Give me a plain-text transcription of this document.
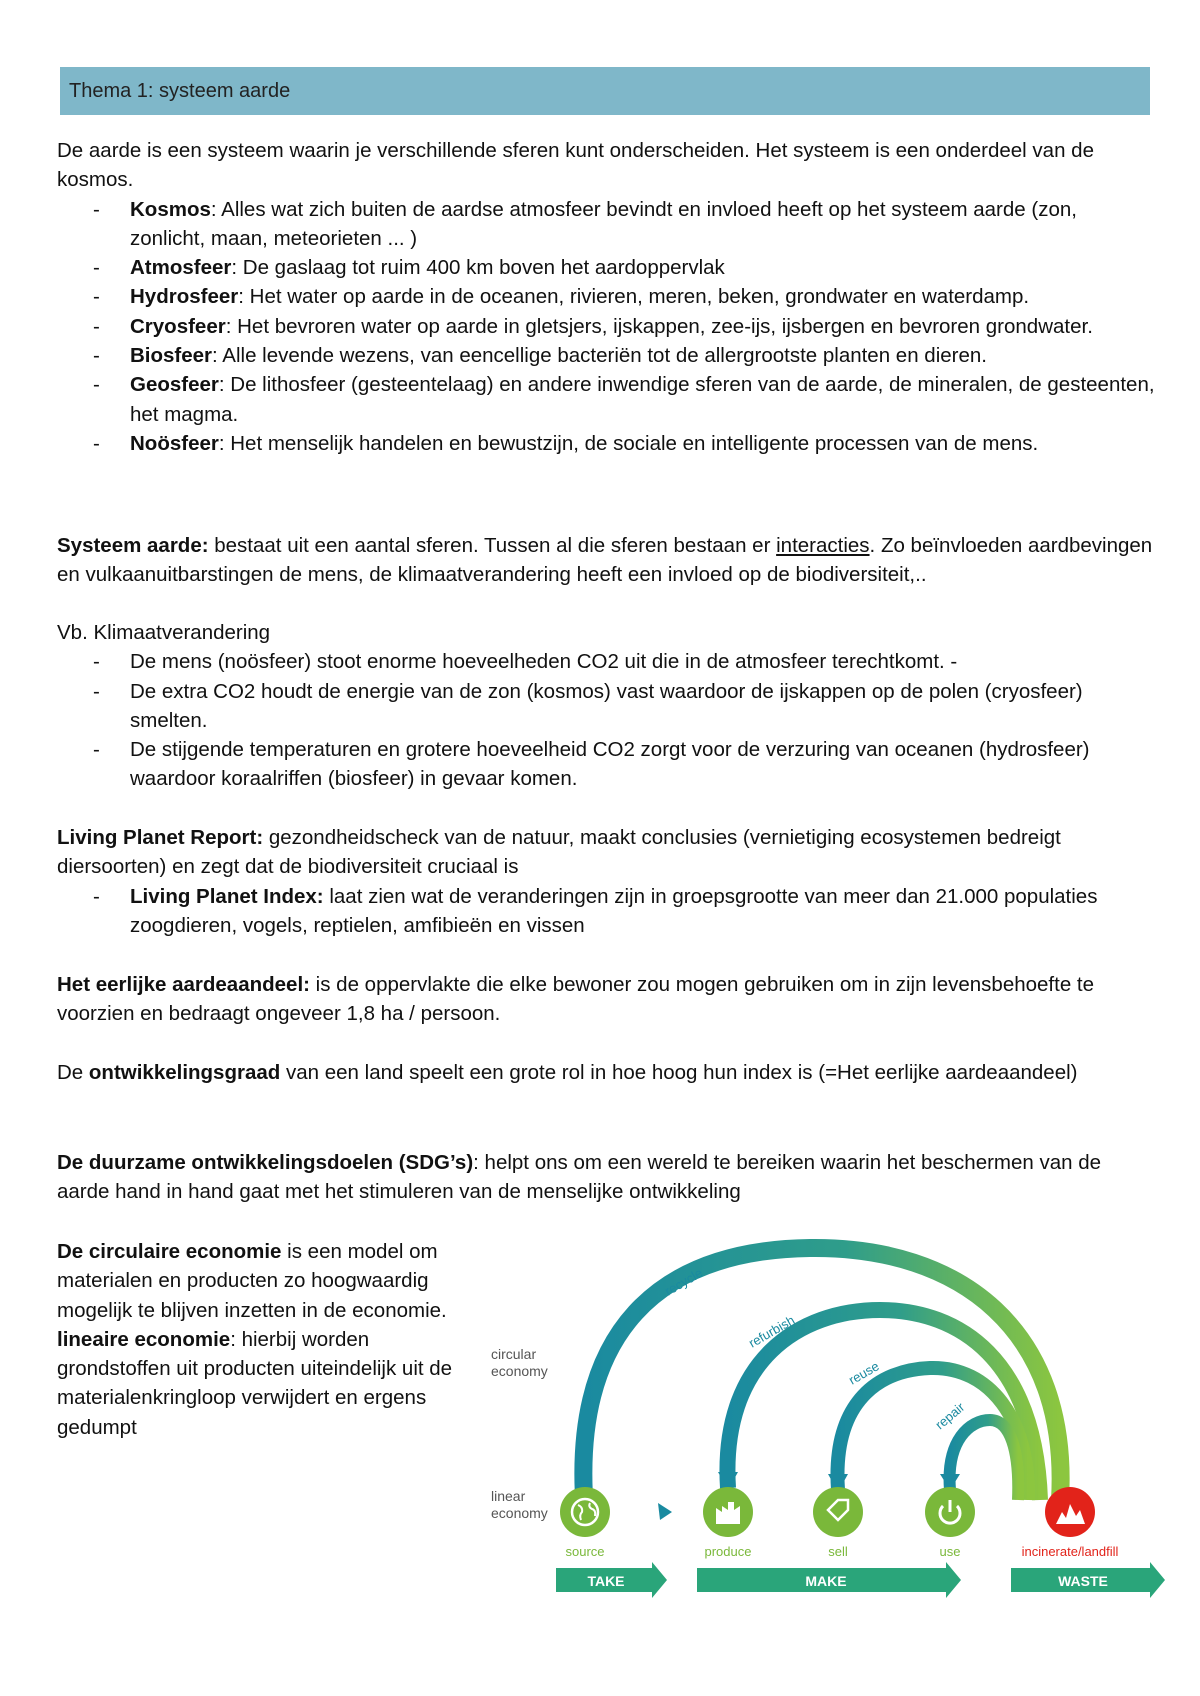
Thema 1: systeem aarde

De aarde is een systeem waarin je verschillende sferen kunt onderscheiden. Het systeem is een onderdeel van de kosmos.

- Kosmos: Alles wat zich buiten de aardse atmosfeer bevindt en invloed heeft op het systeem aarde (zon, zonlicht, maan, meteorieten ... )
- Atmosfeer: De gaslaag tot ruim 400 km boven het aardoppervlak
- Hydrosfeer: Het water op aarde in de oceanen, rivieren, meren, beken, grondwater en waterdamp.
- Cryosfeer: Het bevroren water op aarde in gletsjers, ijskappen, zee-ijs, ijsbergen en bevroren grondwater.
- Biosfeer: Alle levende wezens, van eencellige bacteriën tot de allergrootste planten en dieren.
- Geosfeer: De lithosfeer (gesteentelaag) en andere inwendige sferen van de aarde, de mineralen, de gesteenten, het magma.
- Noösfeer: Het menselijk handelen en bewustzijn, de sociale en intelligente processen van de mens.

Systeem aarde: bestaat uit een aantal sferen. Tussen al die sferen bestaan er interacties. Zo beïnvloeden aardbevingen en vulkaanuitbarstingen de mens, de klimaatverandering heeft een invloed op de biodiversiteit,..

Vb. Klimaatverandering

- De mens (noösfeer) stoot enorme hoeveelheden CO2 uit die in de atmosfeer terechtkomt. -
- De extra CO2 houdt de energie van de zon (kosmos) vast waardoor de ijskappen op de polen (cryosfeer) smelten.
- De stijgende temperaturen en grotere hoeveelheid CO2 zorgt voor de verzuring van oceanen (hydrosfeer) waardoor koraalriffen (biosfeer) in gevaar komen.

Living Planet Report: gezondheidscheck van de natuur, maakt conclusies (vernietiging ecosystemen bedreigt diersoorten) en zegt dat de biodiversiteit cruciaal is

- Living Planet Index: laat zien wat de veranderingen zijn in groepsgrootte van meer dan 21.000 populaties zoogdieren, vogels, reptielen, amfibieën en vissen

Het eerlijke aardeaandeel: is de oppervlakte die elke bewoner zou mogen gebruiken om in zijn levensbehoefte te voorzien en bedraagt ongeveer 1,8 ha / persoon.

De ontwikkelingsgraad van een land speelt een grote rol in hoe hoog hun index is (=Het eerlijke aardeaandeel)

De duurzame ontwikkelingsdoelen (SDG’s): helpt ons om een wereld te bereiken waarin het beschermen van de aarde hand in hand gaat met het stimuleren van de menselijke ontwikkeling

De circulaire economie is een model om materialen en producten zo hoogwaardig mogelijk te blijven inzetten in de economie.

lineaire economie: hierbij worden grondstoffen uit producten uiteindelijk uit de materialenkringloop verwijdert en ergens gedumpt

circular
economy
linear
economy
recycle
refurbish
reuse
repair
source	produce	sell	use	incinerate/landfill
TAKE	MAKE	WASTE
